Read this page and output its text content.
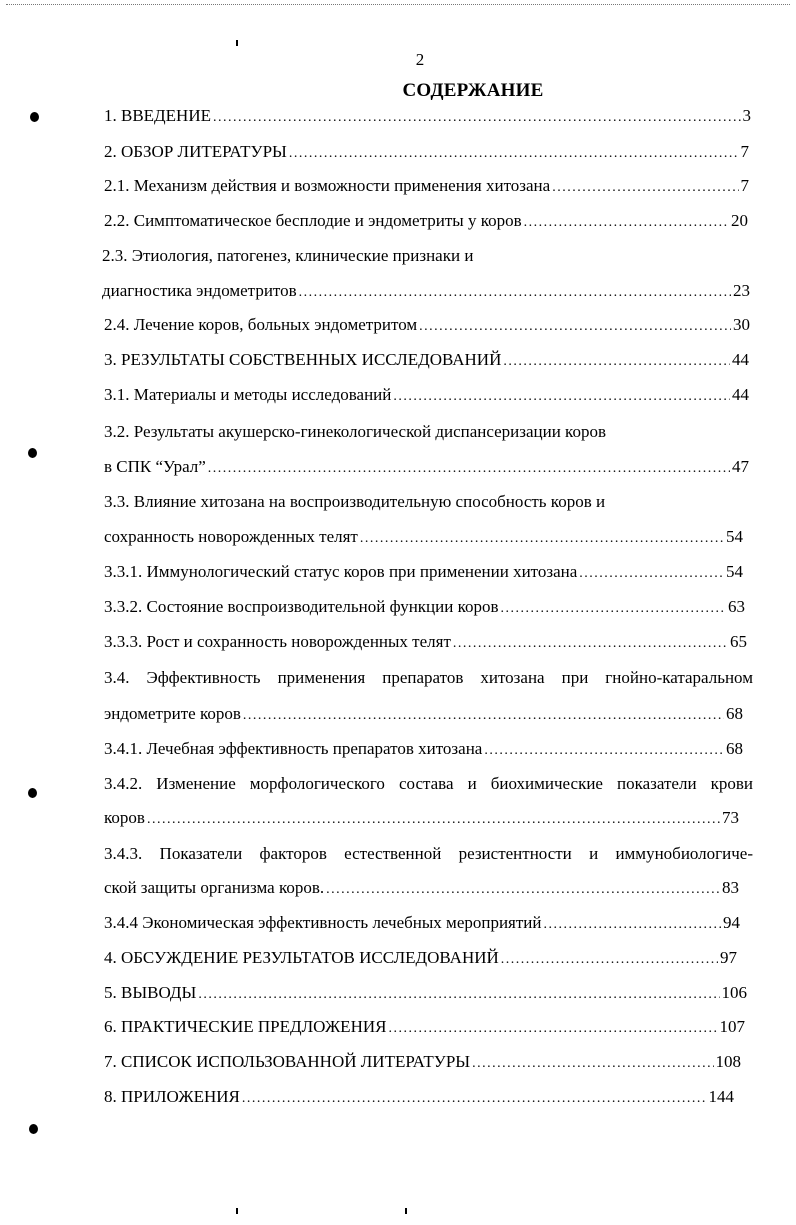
2
СОДЕРЖАНИЕ
1. ВВЕДЕНИЕ .....	3
2. ОБЗОР ЛИТЕРАТУРЫ .....	7
2.1. Механизм действия и возможности применения хитозана .....	7
2.2. Симптоматическое бесплодие и эндометриты у коров .....	20
2.3. Этиология, патогенез, клинические признаки и
диагностика эндометритов .....	23
2.4. Лечение коров, больных эндометритом .....	30
3. РЕЗУЛЬТАТЫ СОБСТВЕННЫХ ИССЛЕДОВАНИЙ .....	44
3.1. Материалы и методы исследований .....	44
3.2. Результаты акушерско-гинекологической диспансеризации коров
в СПК “Урал” .....	47
3.3. Влияние хитозана на воспроизводительную способность коров и
сохранность новорожденных телят .....	54
3.3.1. Иммунологический статус коров при применении хитозана .....	54
3.3.2. Состояние воспроизводительной функции коров .....	63
3.3.3. Рост и сохранность новорожденных телят .....	65
3.4. Эффективность применения препаратов хитозана при гнойно-катаральном
эндометрите коров .....	68
3.4.1. Лечебная эффективность препаратов хитозана .....	68
3.4.2. Изменение морфологического состава и биохимические показатели крови
коров .....	73
3.4.3. Показатели факторов естественной резистентности и иммунобиологиче-
ской защиты организма коров. .....	83
3.4.4 Экономическая эффективность лечебных мероприятий .....	94
4. ОБСУЖДЕНИЕ РЕЗУЛЬТАТОВ ИССЛЕДОВАНИЙ .....	97
5. ВЫВОДЫ .....	106
6. ПРАКТИЧЕСКИЕ ПРЕДЛОЖЕНИЯ .....	107
7. СПИСОК ИСПОЛЬЗОВАННОЙ ЛИТЕРАТУРЫ .....	108
8. ПРИЛОЖЕНИЯ .....	144
